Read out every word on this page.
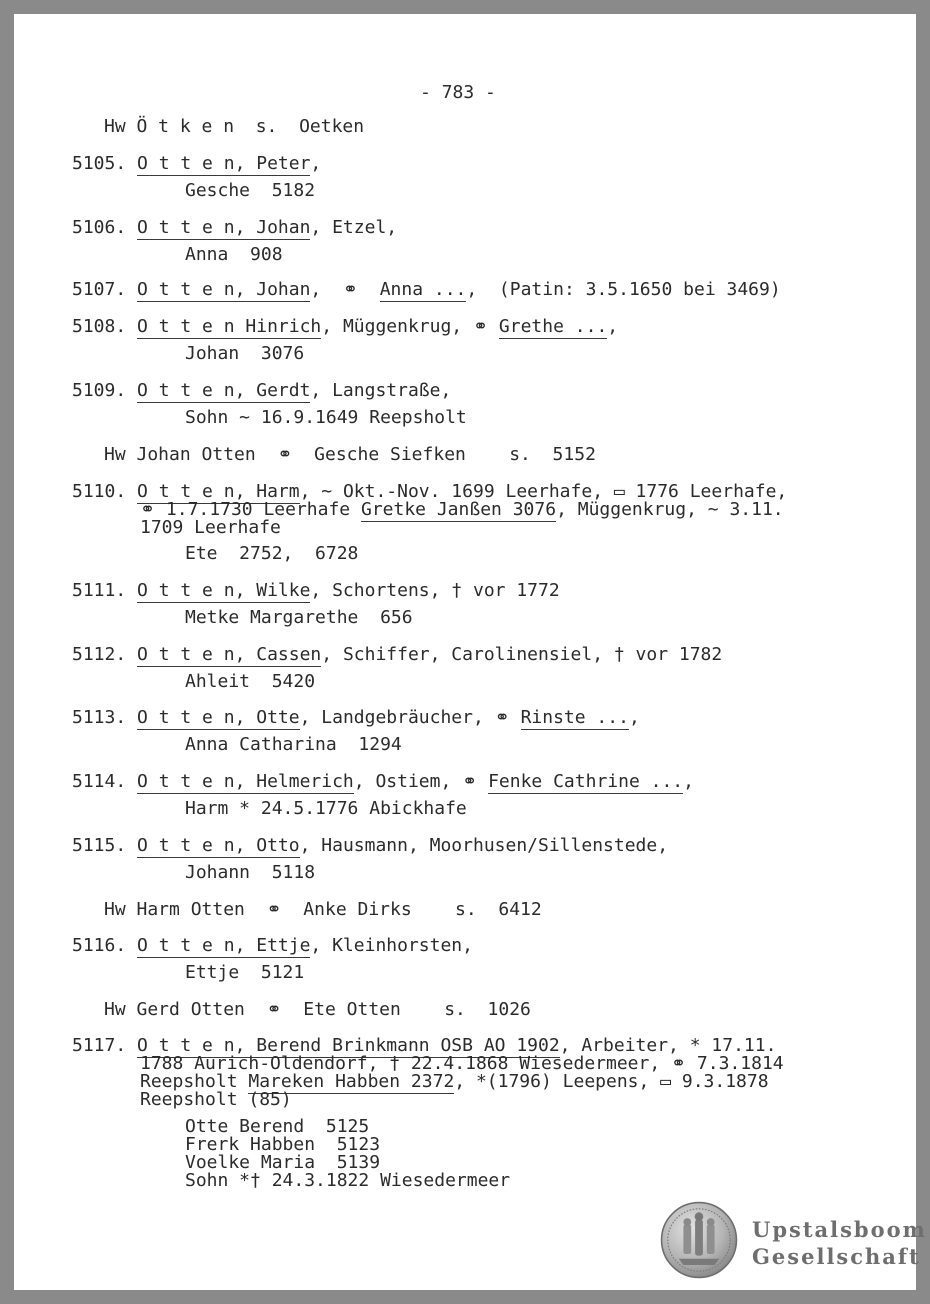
- 783 -

Hw Ö t k e n  s.  Oetken

5105. O t t e n, Peter,

Gesche  5182

5106. O t t e n, Johan, Etzel,

Anna  908

5107. O t t e n, Johan,  ⚭  Anna ...,  (Patin: 3.5.1650 bei 3469)

5108. O t t e n Hinrich, Müggenkrug, ⚭ Grethe ...,

Johan  3076

5109. O t t e n, Gerdt, Langstraße,

Sohn ~ 16.9.1649 Reepsholt

Hw Johan Otten  ⚭  Gesche Siefken    s.  5152

5110. O t t e n, Harm, ~ Okt.-Nov. 1699 Leerhafe, ▭ 1776 Leerhafe,

⚭ 1.7.1730 Leerhafe Gretke Janßen 3076, Müggenkrug, ~ 3.11.

1709 Leerhafe

Ete  2752,  6728

5111. O t t e n, Wilke, Schortens, † vor 1772

Metke Margarethe  656

5112. O t t e n, Cassen, Schiffer, Carolinensiel, † vor 1782

Ahleit  5420

5113. O t t e n, Otte, Landgebräucher, ⚭ Rinste ...,

Anna Catharina  1294

5114. O t t e n, Helmerich, Ostiem, ⚭ Fenke Cathrine ...,

Harm * 24.5.1776 Abickhafe

5115. O t t e n, Otto, Hausmann, Moorhusen/Sillenstede,

Johann  5118

Hw Harm Otten  ⚭  Anke Dirks    s.  6412

5116. O t t e n, Ettje, Kleinhorsten,

Ettje  5121

Hw Gerd Otten  ⚭  Ete Otten    s.  1026

5117. O t t e n, Berend Brinkmann OSB AO 1902, Arbeiter, * 17.11.

1788 Aurich-Oldendorf, † 22.4.1868 Wiesedermeer, ⚭ 7.3.1814

Reepsholt Mareken Habben 2372, *(1796) Leepens, ▭ 9.3.1878

Reepsholt (85)

Otte Berend  5125

Frerk Habben  5123

Voelke Maria  5139

Sohn *† 24.3.1822 Wiesedermeer

Upstalsboom
Gesellschaft
